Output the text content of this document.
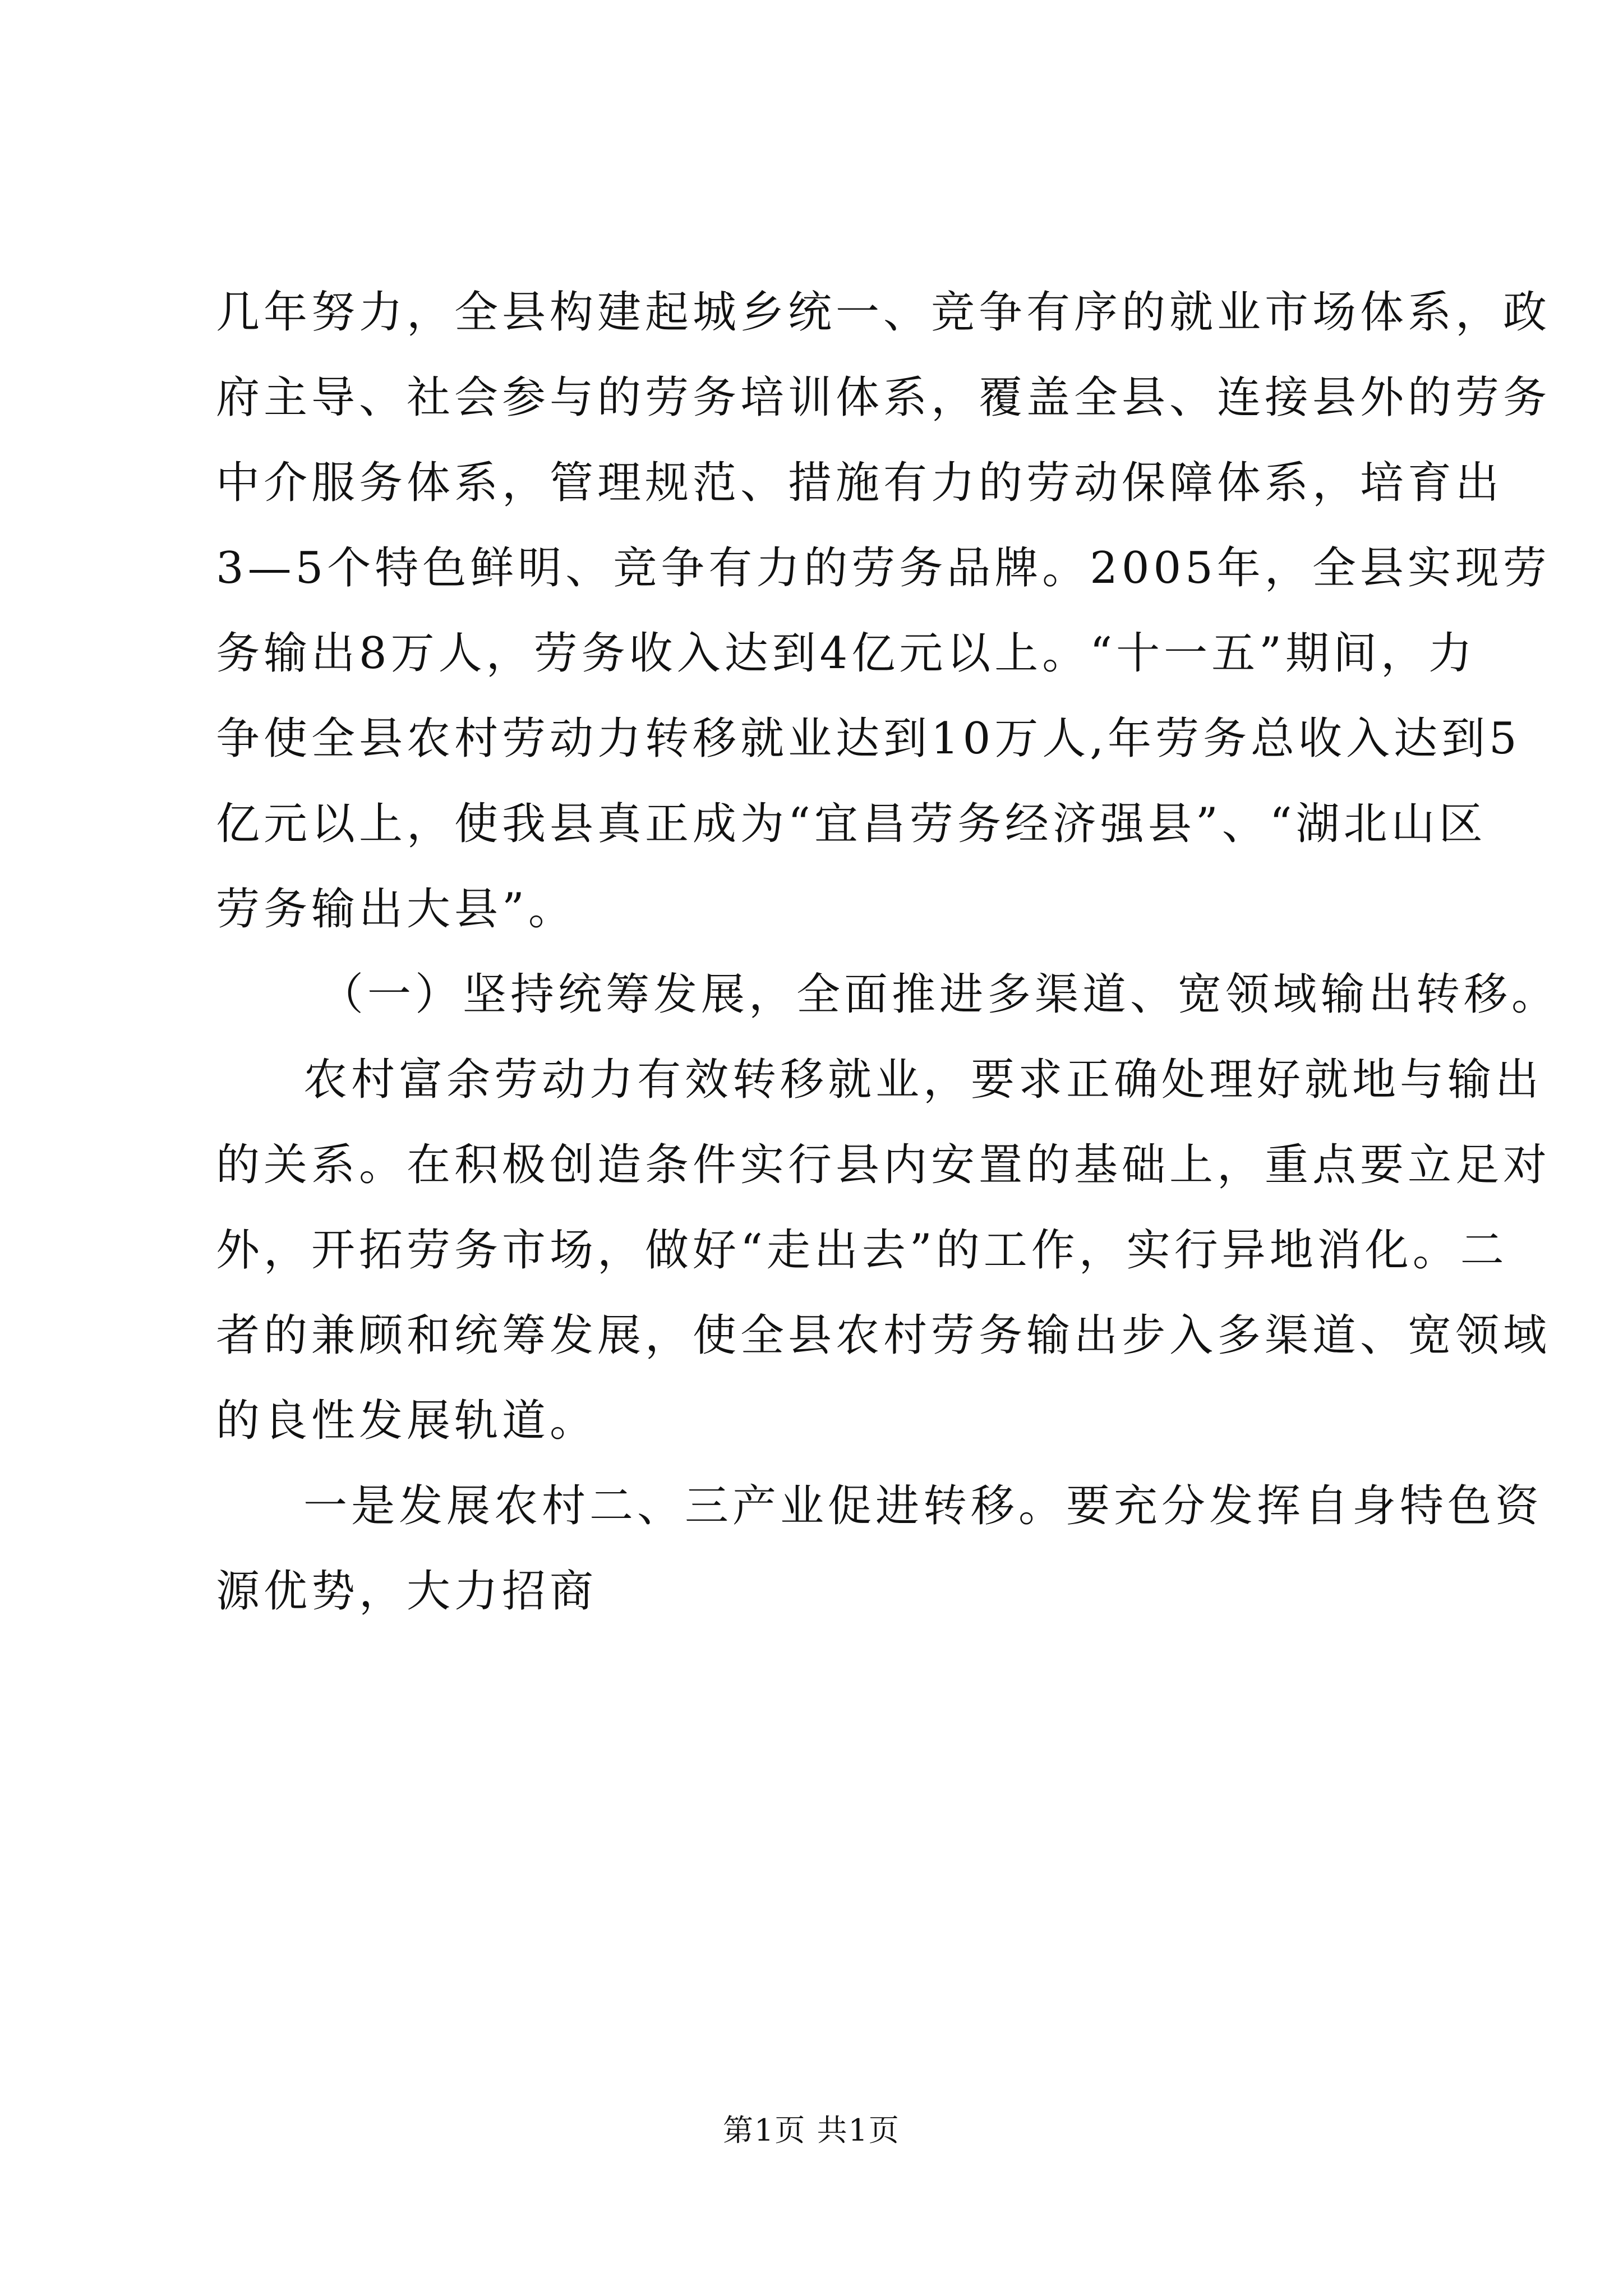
几年努力，全县构建起城乡统一、竞争有序的就业市场体系，政
府主导、社会参与的劳务培训体系，覆盖全县、连接县外的劳务
中介服务体系，管理规范、措施有力的劳动保障体系，培育出
3—5个特色鲜明、竞争有力的劳务品牌。2005年，全县实现劳
务输出8万人，劳务收入达到4亿元以上。“十一五”期间，力
争使全县农村劳动力转移就业达到10万人,年劳务总收入达到5
亿元以上，使我县真正成为“宜昌劳务经济强县”、“湖北山区
劳务输出大县”。
（一）坚持统筹发展，全面推进多渠道、宽领域输出转移。
农村富余劳动力有效转移就业，要求正确处理好就地与输出
的关系。在积极创造条件实行县内安置的基础上，重点要立足对
外，开拓劳务市场，做好“走出去”的工作，实行异地消化。二
者的兼顾和统筹发展，使全县农村劳务输出步入多渠道、宽领域
的良性发展轨道。
一是发展农村二、三产业促进转移。要充分发挥自身特色资
源优势，大力招商
第1页 共1页
